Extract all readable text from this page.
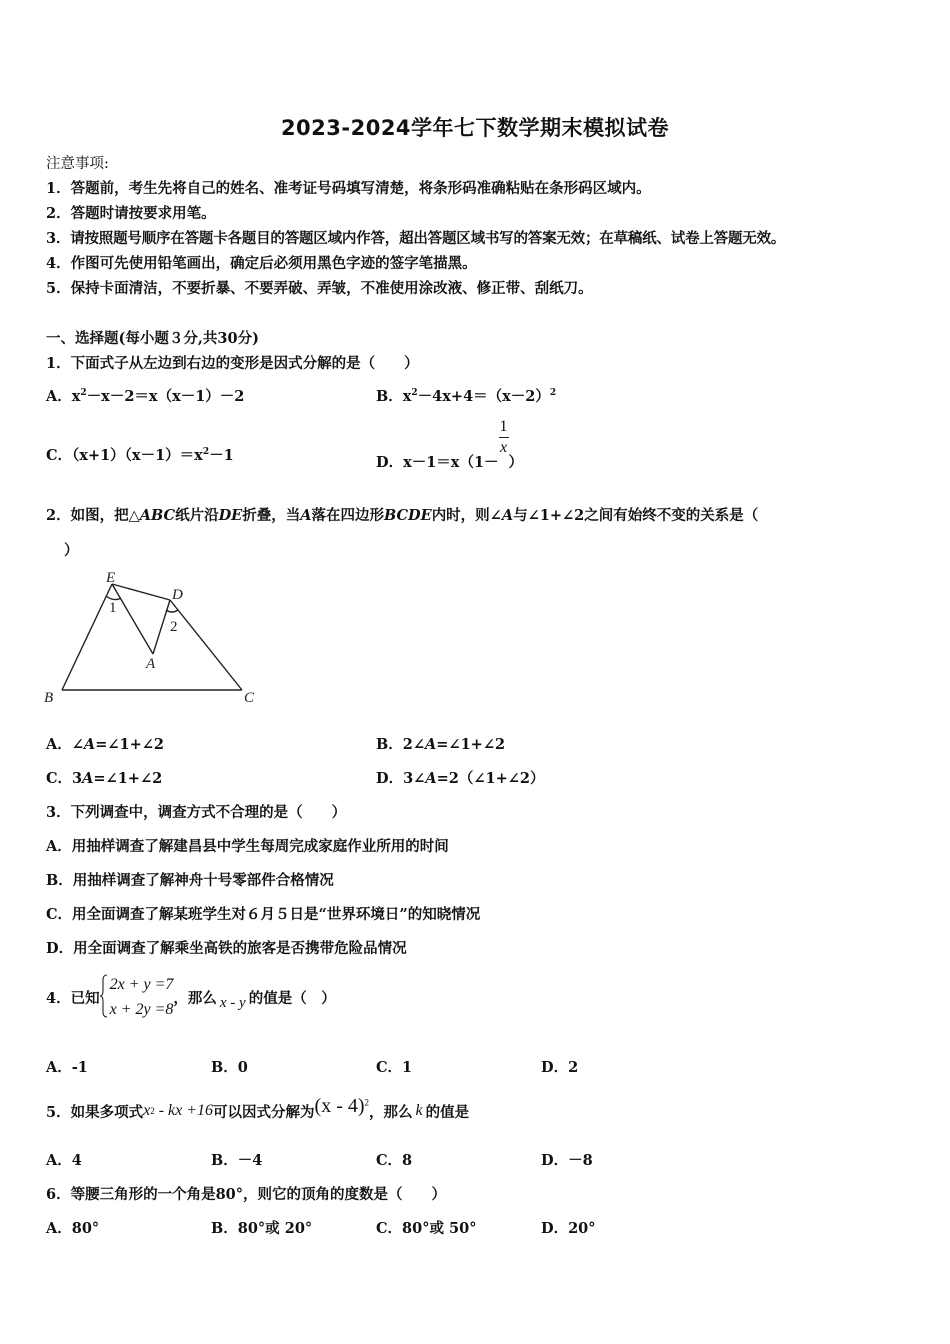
2023-2024学年七下数学期末模拟试卷
注意事项:
1．答题前，考生先将自己的姓名、准考证号码填写清楚，将条形码准确粘贴在条形码区域内。
2．答题时请按要求用笔。
3．请按照题号顺序在答题卡各题目的答题区域内作答，超出答题区域书写的答案无效；在草稿纸、试卷上答题无效。
4．作图可先使用铅笔画出，确定后必须用黑色字迹的签字笔描黑。
5．保持卡面清洁，不要折暴、不要弄破、弄皱，不准使用涂改液、修正带、刮纸刀。
一、选择题(每小题３分,共30分)
1．下面式子从左边到右边的变形是因式分解的是（　　）
A．$x^2-x-2=x(x-1)-2$	B．$x^2-4x+4=(x-2)^2$
C．$(x+1)(x-1)=x^2-1$	D．x－1＝x（1－
$\frac{1}{x}$
）
2．如图，把△ABC纸片沿DE折叠，当A落在四边形BCDE内时，则∠A与∠1+∠2之间有始终不变的关系是（
）
E
D
A
B	C
1
2
A．∠A=∠1+∠2	B．2∠A=∠1+∠2
C．3A=∠1+∠2	D．3∠A=2（∠1+∠2）
3．下列调查中，调查方式不合理的是（　　）
A．用抽样调查了解建昌县中学生每周完成家庭作业所用的时间
B．用抽样调查了解神舟十号零部件合格情况
C．用全面调查了解某班学生对６月５日是“世界环境日”的知晓情况
D．用全面调查了解乘坐高铁的旅客是否携带危险品情况
4．已知
2x + y =7
x + 2y =8
，那么 x - y 的值是（　）
A．-1	B．0	C．1	D．2
5．如果多项式 x 2 - kx +16 可以因式分解为 (x - 4)$^2$
，那么 k 的值是
A．4	B．－4	C．8	D．－8
6．等腰三角形的一个角是80°，则它的顶角的度数是（　　）
A．80°	B．80°或 20°	C．80°或 50°	D．20°
